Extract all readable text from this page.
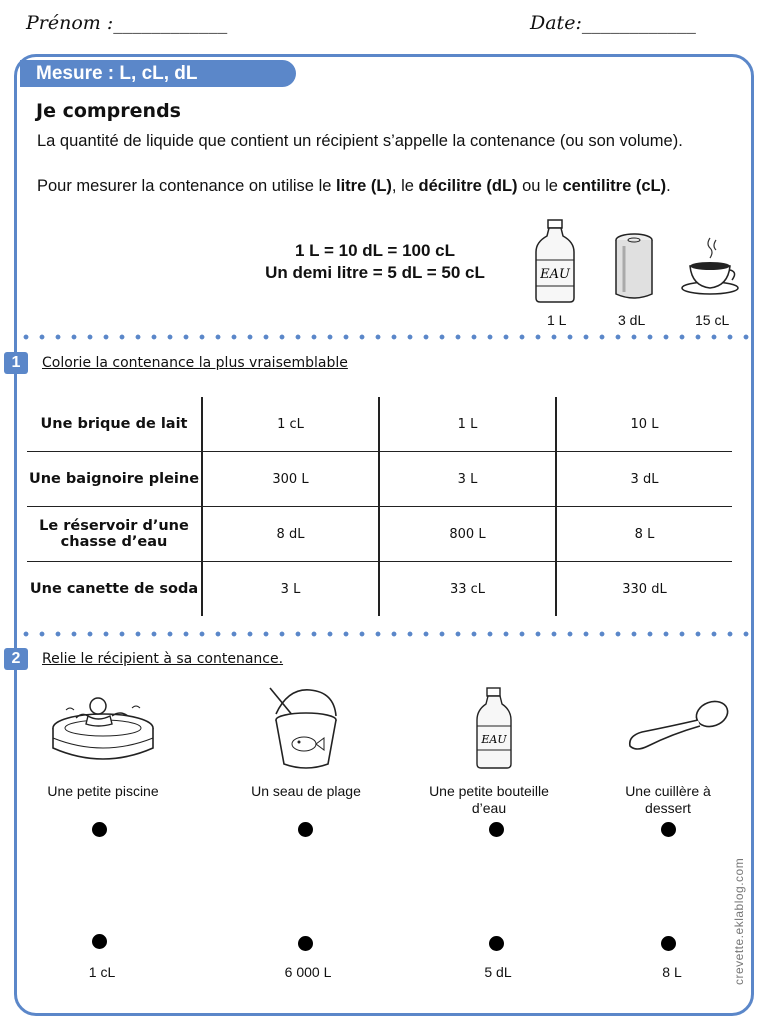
Prénom :____________	Date:____________
Mesure : L, cL, dL
Je comprends
La quantité de liquide que contient un récipient s’appelle la contenance (ou son volume).
Pour mesurer la contenance on utilise le litre (L), le décilitre (dL) ou le centilitre (cL).
1 L = 10 dL = 100 cL
Un demi litre = 5 dL = 50 cL	EAU
1 L	3 dL	15 cL
1	Colorie la contenance la plus vraisemblable
Une brique de lait	1 cL	1 L	10 L
Une baignoire pleine	300 L	3 L	3 dL
Le réservoir d’une chasse d’eau	8 dL	800 L	8 L
Une canette de soda	3 L	33 cL	330 dL
2	Relie le récipient à sa contenance.
EAU
Une petite piscine	Un seau de plage	Une petite bouteille d’eau
Une cuillère à dessert
1 cL	6 000 L	5 dL	8 L	crevette.eklablog.com
